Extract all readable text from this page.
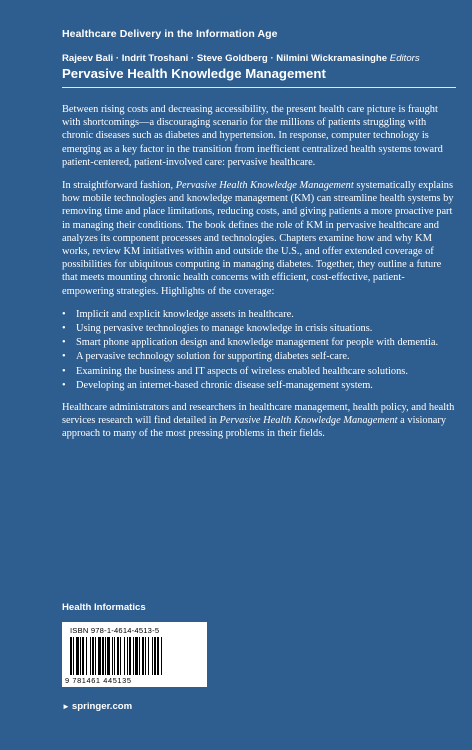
Healthcare Delivery in the Information Age
Rajeev Bali · Indrit Troshani · Steve Goldberg · Nilmini Wickramasinghe Editors
Pervasive Health Knowledge Management

Between rising costs and decreasing accessibility, the present health care picture is fraught with shortcomings—a discouraging scenario for the millions of patients struggling with chronic diseases such as diabetes and hypertension. In response, computer technology is emerging as a key factor in the transition from inefficient centralized health systems toward patient-centered, patient-involved care: pervasive healthcare.

In straightforward fashion, Pervasive Health Knowledge Management systematically explains how mobile technologies and knowledge management (KM) can streamline health systems by removing time and place limitations, reducing costs, and giving patients a more proactive part in managing their conditions. The book defines the role of KM in pervasive healthcare and analyzes its component processes and technologies. Chapters examine how and why KM works, review KM initiatives within and outside the U.S., and offer extended coverage of possibilities for ubiquitous computing in managing diabetes. Together, they outline a future that meets mounting chronic health concerns with efficient, cost-effective, patient-empowering strategies. Highlights of the coverage:

• Implicit and explicit knowledge assets in healthcare.
• Using pervasive technologies to manage knowledge in crisis situations.
• Smart phone application design and knowledge management for people with dementia.
• A pervasive technology solution for supporting diabetes self-care.
• Examining the business and IT aspects of wireless enabled healthcare solutions.
• Developing an internet-based chronic disease self-management system.

Healthcare administrators and researchers in healthcare management, health policy, and health services research will find detailed in Pervasive Health Knowledge Management a visionary approach to many of the most pressing problems in their fields.

Health Informatics
ISBN 978-1-4614-4513-5
9 781461 445135
► springer.com
